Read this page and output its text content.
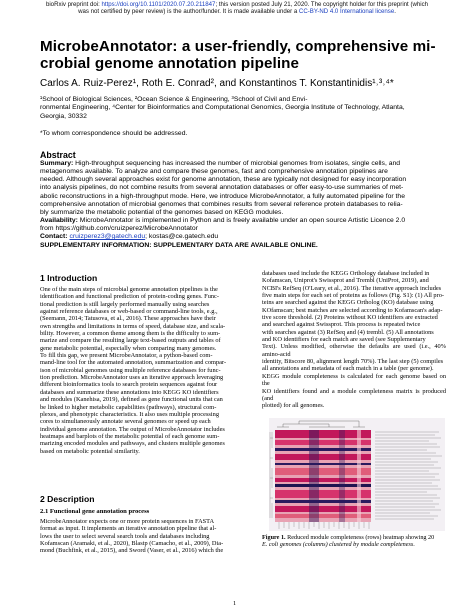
bioRxiv preprint doi: https://doi.org/10.1101/2020.07.20.211847; this version posted July 21, 2020. The copyright holder for this preprint (which
was not certified by peer review) is the author/funder. It is made available under a CC-BY-ND 4.0 International license.
MicrobeAnnotator: a user-friendly, comprehensive mi-
crobial genome annotation pipeline
Carlos A. Ruiz-Perez¹, Roth E. Conrad², and Konstantinos T. Konstantinidis¹˒³˒⁴*
¹School of Biological Sciences, ²Ocean Science & Engineering, ³School of Civil and Envi-
ronmental Engineering, ⁴Center for Bioinformatics and Computational Genomics, Georgia Institute of Technology, Atlanta,
Georgia, 30332
*To whom correspondence should be addressed.
Abstract
Summary: High-throughput sequencing has increased the number of microbial genomes from isolates, single cells, and
metagenomes available. To analyze and compare these genomes, fast and comprehensive annotation pipelines are
needed. Although several approaches exist for genome annotation, these are typically not designed for easy incorporation
into analysis pipelines, do not combine results from several annotation databases or offer easy-to-use summaries of met-
abolic reconstructions in a high-throughput mode. Here, we introduce MicrobeAnnotator, a fully automated pipeline for the
comprehensive annotation of microbial genomes that combines results from several reference protein databases to relia-
bly summarize the metabolic potential of the genomes based on KEGG modules.
Availability: MicrobeAnnotator is implemented in Python and is freely available under an open source Artistic Licence 2.0
from https://github.com/cruizperez/MicrobeAnnotator
Contact: cruizperez3@gatech.edu; kostas@ce.gatech.edu
SUPPLEMENTARY INFORMATION: SUPPLEMENTARY DATA ARE AVAILABLE ONLINE.
1 Introduction
One of the main steps of microbial genome annotation pipelines is the
identification and functional prediction of protein-coding genes. Func-
tional prediction is still largely performed manually using searches
against reference databases or web-based or command-line tools, e.g.,
(Seemann, 2014; Tatusova, et al., 2016). These approaches have their
own strengths and limitations in terms of speed, database size, and scala-
bility. However, a common theme among them is the difficulty to sum-
marize and compare the resulting large text-based outputs and tables of
gene metabolic potential, especially when comparing many genomes.
To fill this gap, we present MicrobeAnnotator, a python-based com-
mand-line tool for the automated annotation, summarization and compar-
ison of microbial genomes using multiple reference databases for func-
tion prediction. MicrobeAnnotator uses an iterative approach leveraging
different bioinformatics tools to search protein sequences against four
databases and summarize these annotations into KEGG KO identifiers
and modules (Kanehisa, 2019), defined as gene functional units that can
be linked to higher metabolic capabilities (pathways), structural com-
plexes, and phenotypic characteristics. It also uses multiple processing
cores to simultaneously annotate several genomes or speed up each
individual genome annotation. The output of MicrobeAnnotator includes
heatmaps and barplots of the metabolic potential of each genome sum-
marizing encoded modules and pathways, and clusters multiple genomes
based on metabolic potential similarity.
2 Description
2.1 Functional gene annotation process
MicrobeAnnotator expects one or more protein sequences in FASTA
format as input. It implements an iterative annotation pipeline that al-
lows the user to select several search tools and databases including
Kofamscan (Aramaki, et al., 2020), Blastp (Camacho, et al., 2009), Dia-
mond (Buchfink, et al., 2015), and Sword (Vaser, et al., 2016) which the
databases used include the KEGG Orthology database included in
Kofamscan, Uniprot's Swissprot and Trembl (UniProt, 2019), and
NCBI's RefSeq (O'Leary, et al., 2016). The iterative approach includes
five main steps for each set of proteins as follows (Fig. S1): (1) All pro-
teins are searched against the KEGG Ortholog (KO) database using
KOfamscan; best matches are selected according to Kofamscan's adap-
tive score threshold. (2) Proteins without KO identifiers are extracted
and searched against Swissprot. This process is repeated twice
with searches against (3) RefSeq and (4) trembl. (5) All annotations
and KO identifiers for each match are saved (see Supplementary
Text). Unless modified, otherwise the defaults are used (i.e., 40% amino-acid
identity, Bitscore 80, alignment length 70%). The last step (5) compiles
all annotations and metadata of each match in a table (per genome).
KEGG module completeness is calculated for each genome based on the
KO identifiers found and a module completeness matrix is produced (and
plotted) for all genomes.
Figure 1. Reduced module completeness (rows) heatmap showing 20
E. coli genomes (columns) clustered by module completeness.
1
